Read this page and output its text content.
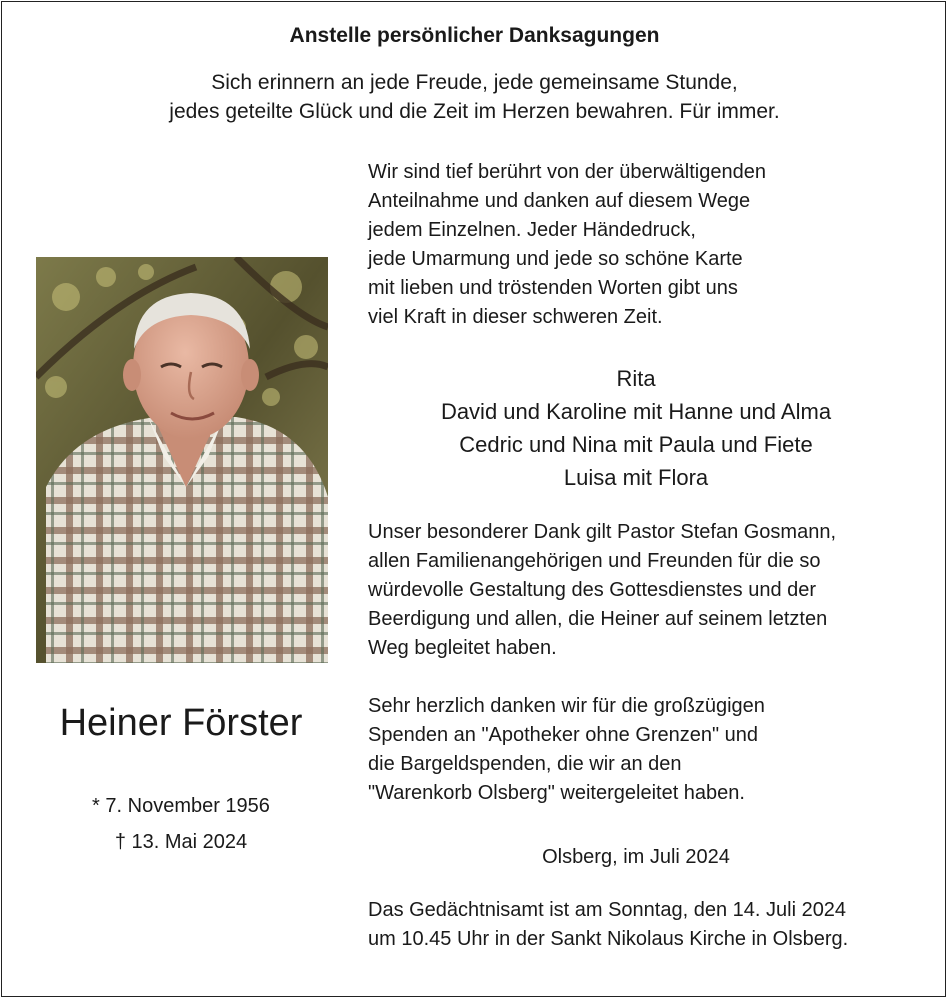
Anstelle persönlicher Danksagungen
Sich erinnern an jede Freude, jede gemeinsame Stunde,
jedes geteilte Glück und die Zeit im Herzen bewahren. Für immer.
Wir sind tief berührt von der überwältigenden
Anteilnahme und danken auf diesem Wege
jedem Einzelnen. Jeder Händedruck,
jede Umarmung und jede so schöne Karte
mit lieben und tröstenden Worten gibt uns
viel Kraft in dieser schweren Zeit.
Rita
David und Karoline mit Hanne und Alma
Cedric und Nina mit Paula und Fiete
Luisa mit Flora
Unser besonderer Dank gilt Pastor Stefan Gosmann,
allen Familienangehörigen und Freunden für die so
würdevolle Gestaltung des Gottesdienstes und der
Beerdigung und allen, die Heiner auf seinem letzten
Weg begleitet haben.
Sehr herzlich danken wir für die großzügigen
Spenden an "Apotheker ohne Grenzen" und
die Bargeldspenden, die wir an den
"Warenkorb Olsberg" weitergeleitet haben.
Olsberg, im Juli 2024
Das Gedächtnisamt ist am Sonntag, den 14. Juli 2024
um 10.45 Uhr in der Sankt Nikolaus Kirche in Olsberg.
Heiner Förster
* 7. November 1956
† 13. Mai 2024
